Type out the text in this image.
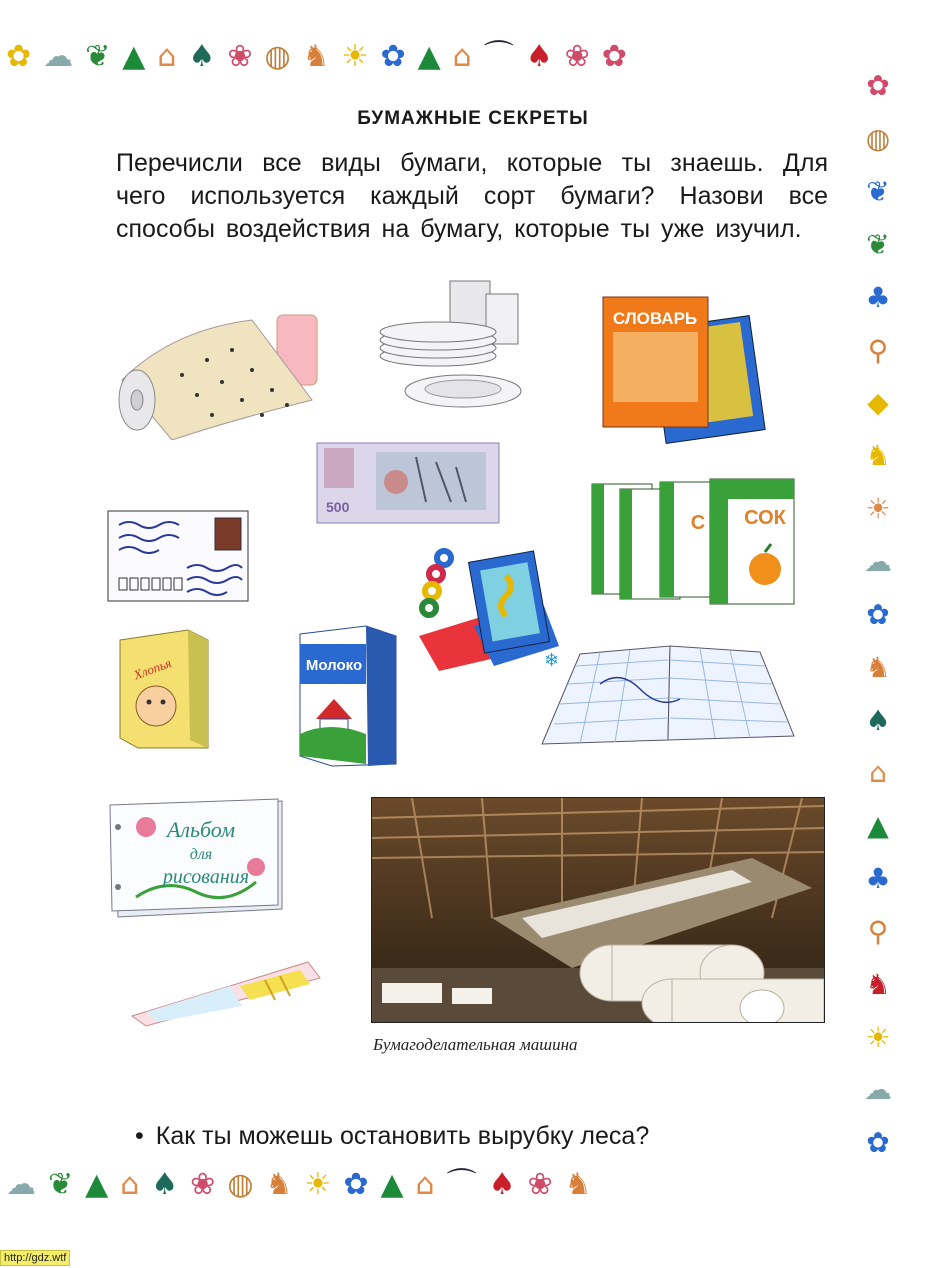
✿ ☁ ❦ ▲ ⌂ ♠ ❀ ◍ ♞ ☀ ✿ ▲ ⌂ ⌒ ♠ ❀ ✿
✿
◍
❦
❦
♣
⚲
◆
♞
☀
☁
✿
♞
♠
⌂
▲
♣
⚲
♞
☀
☁
✿
☁ ❦ ▲ ⌂ ♠ ❀ ◍ ♞ ☀ ✿ ▲ ⌂ ⌒ ♠ ❀ ♞
БУМАЖНЫЕ СЕКРЕТЫ
Перечисли все виды бумаги, которые ты знаешь. Для чего используется каждый сорт бумаги? Назови все способы воздействия на бумагу, которые ты уже изучил.
СЛОВАРЬ
500	СОК
С
❄
Хлопья	Молоко
Альбом
для
рисования
Бумагоделательная машина
• Как ты можешь остановить вырубку леса?
http://gdz.wtf
